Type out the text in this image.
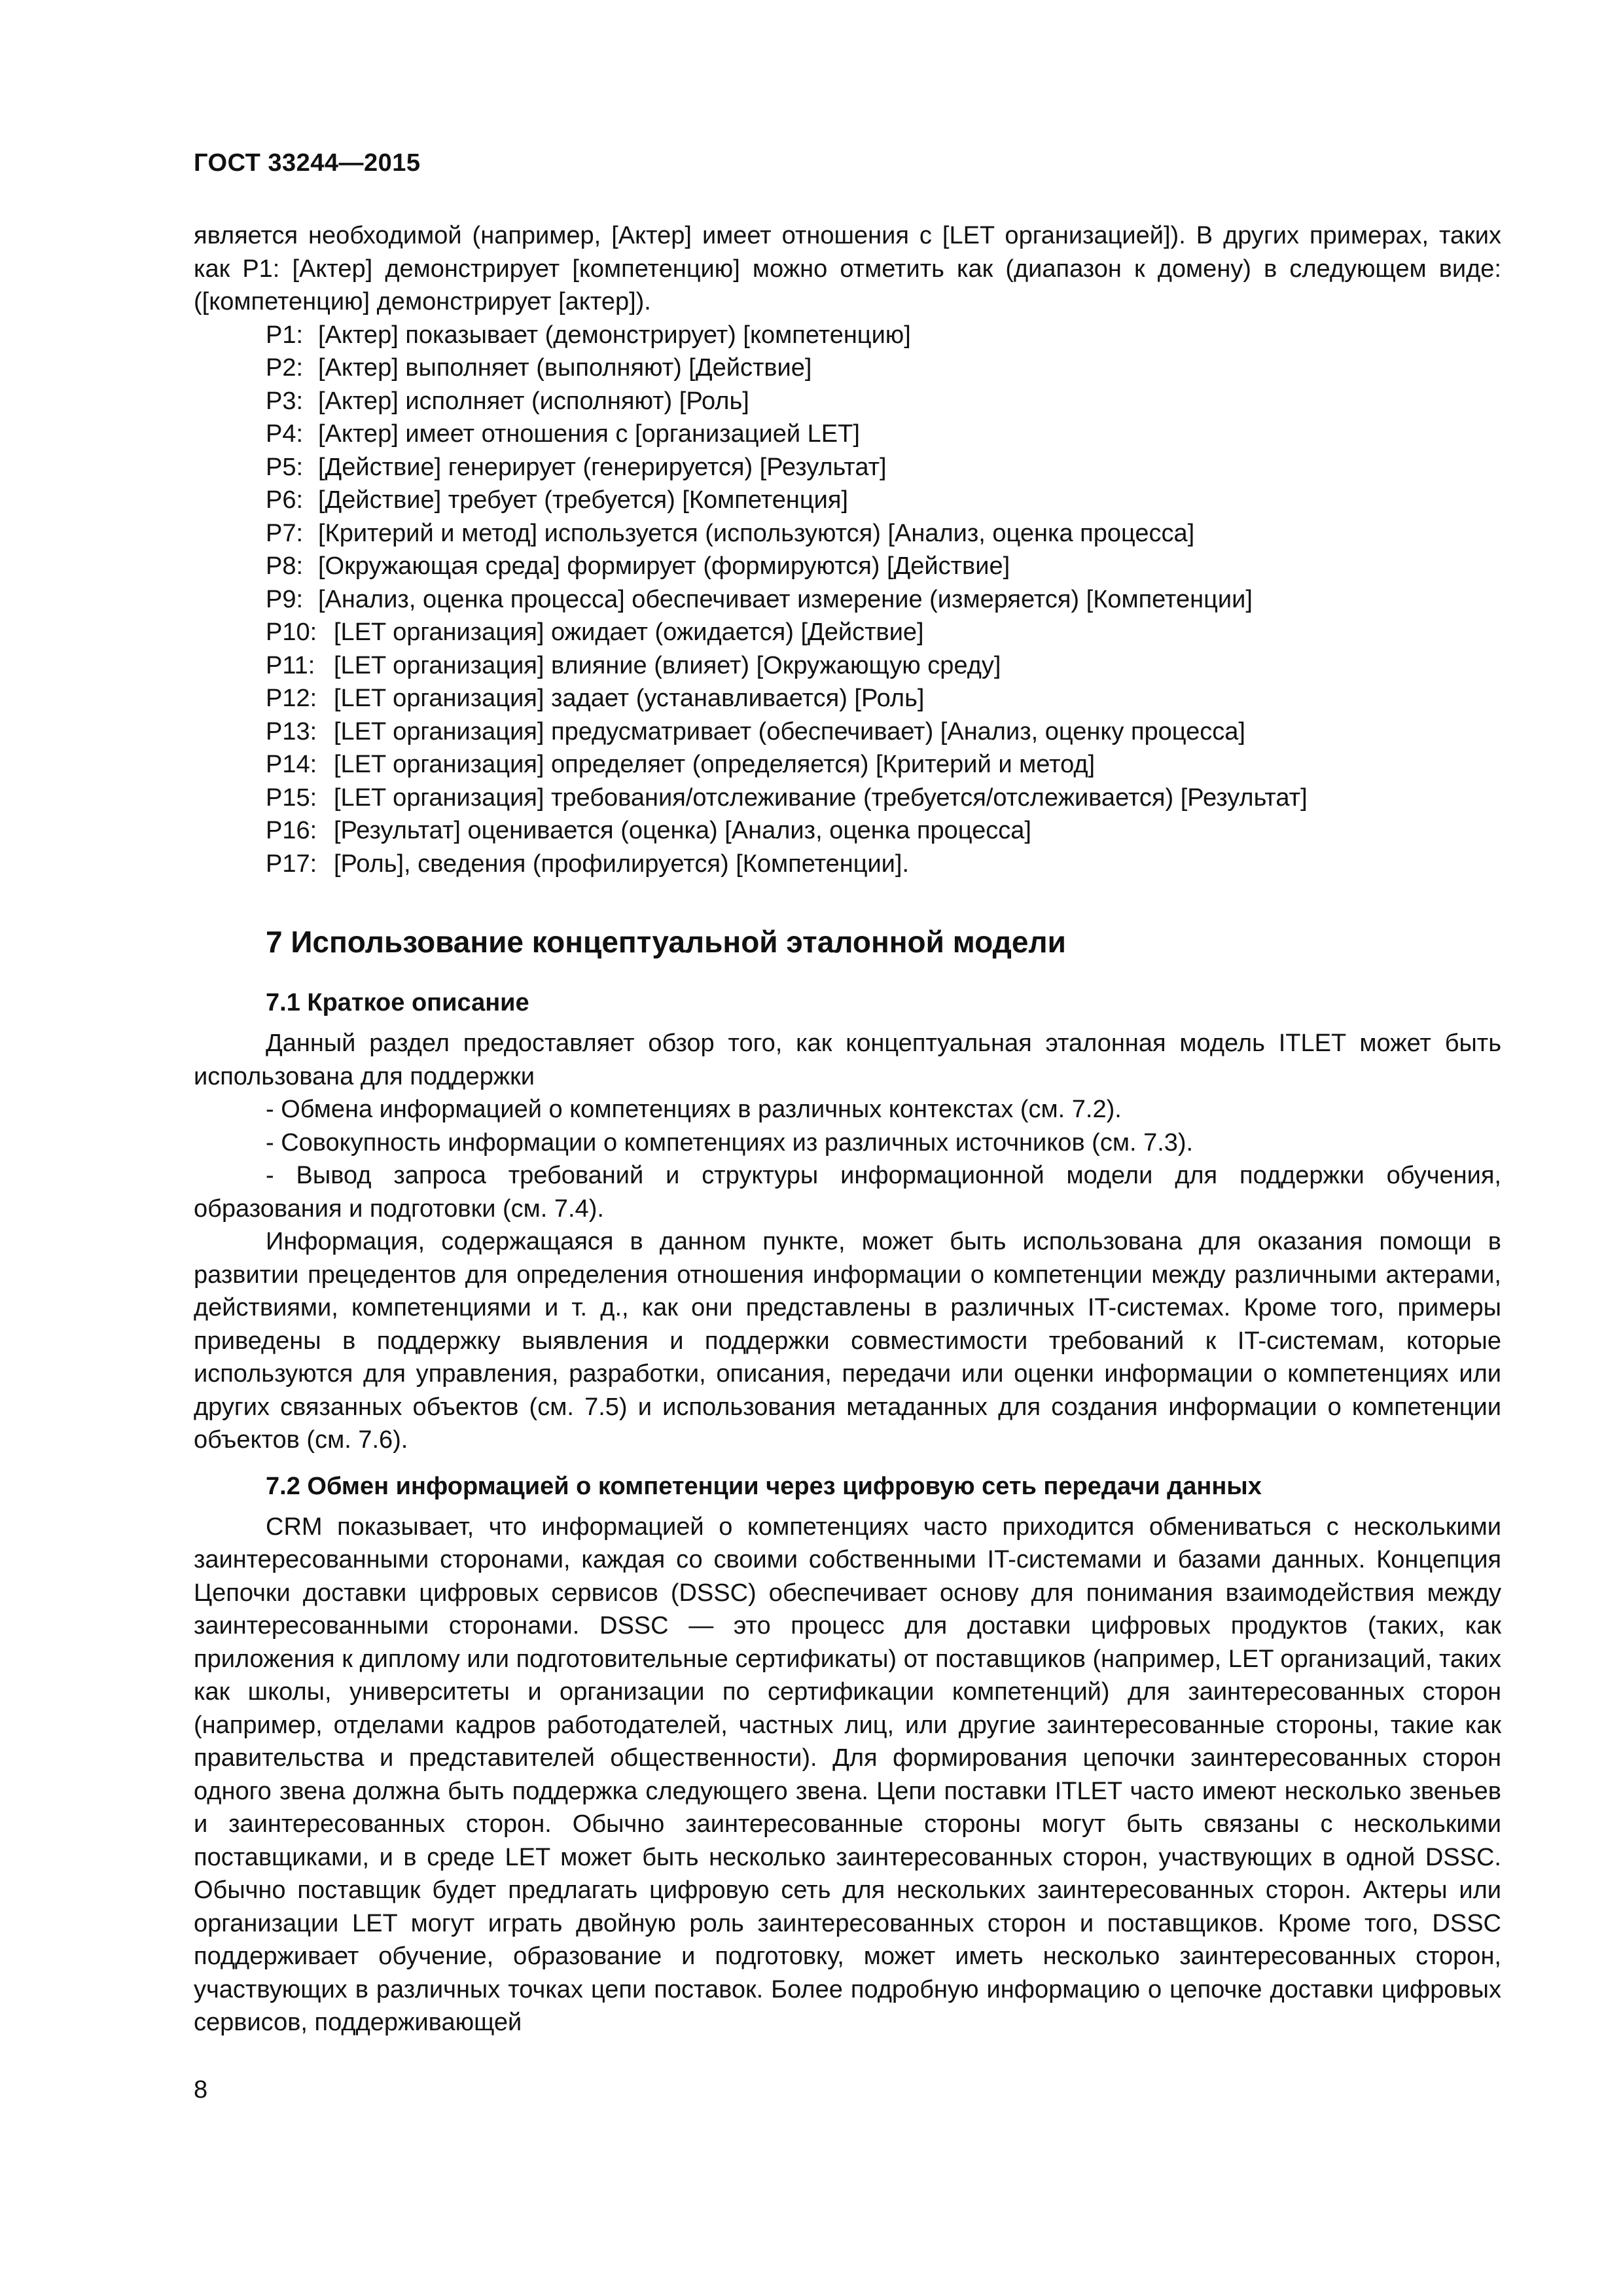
ГОСТ 33244—2015

является необходимой (например, [Актер] имеет отношения с [LET организацией]). В других примерах, таких как P1: [Актер] демонстрирует [компетенцию] можно отметить как (диапазон к домену) в следующем виде: ([компетенцию] демонстрирует [актер]).

P1: [Актер] показывает (демонстрирует) [компетенцию]
P2: [Актер] выполняет (выполняют) [Действие]
P3: [Актер] исполняет (исполняют) [Роль]
P4: [Актер] имеет отношения с [организацией LET]
P5: [Действие] генерирует (генерируется) [Результат]
P6: [Действие] требует (требуется) [Компетенция]
P7: [Критерий и метод] используется (используются) [Анализ, оценка процесса]
P8: [Окружающая среда] формирует (формируются) [Действие]
P9: [Анализ, оценка процесса] обеспечивает измерение (измеряется) [Компетенции]
P10: [LET организация] ожидает (ожидается) [Действие]
P11: [LET организация] влияние (влияет) [Окружающую среду]
P12: [LET организация] задает (устанавливается) [Роль]
P13: [LET организация] предусматривает (обеспечивает) [Анализ, оценку процесса]
P14: [LET организация] определяет (определяется) [Критерий и метод]
P15: [LET организация] требования/отслеживание (требуется/отслеживается) [Результат]
P16: [Результат] оценивается (оценка) [Анализ, оценка процесса]
P17: [Роль], сведения (профилируется) [Компетенции].
7 Использование концептуальной эталонной модели
7.1 Краткое описание

Данный раздел предоставляет обзор того, как концептуальная эталонная модель ITLET может быть использована для поддержки

- Обмена информацией о компетенциях в различных контекстах (см. 7.2).
- Совокупность информации о компетенциях из различных источников (см. 7.3).
- Вывод запроса требований и структуры информационной модели для поддержки обучения, образования и подготовки (см. 7.4).

Информация, содержащаяся в данном пункте, может быть использована для оказания помощи в развитии прецедентов для определения отношения информации о компетенции между различными актерами, действиями, компетенциями и т. д., как они представлены в различных IT-системах. Кроме того, примеры приведены в поддержку выявления и поддержки совместимости требований к IT-системам, которые используются для управления, разработки, описания, передачи или оценки информации о компетенциях или других связанных объектов (см. 7.5) и использования метаданных для создания информации о компетенции объектов (см. 7.6).

7.2 Обмен информацией о компетенции через цифровую сеть передачи данных

CRM показывает, что информацией о компетенциях часто приходится обмениваться с несколькими заинтересованными сторонами, каждая со своими собственными IT-системами и базами данных. Концепция Цепочки доставки цифровых сервисов (DSSC) обеспечивает основу для понимания взаимодействия между заинтересованными сторонами. DSSC — это процесс для доставки цифровых продуктов (таких, как приложения к диплому или подготовительные сертификаты) от поставщиков (например, LET организаций, таких как школы, университеты и организации по сертификации компетенций) для заинтересованных сторон (например, отделами кадров работодателей, частных лиц, или другие заинтересованные стороны, такие как правительства и представителей общественности). Для формирования цепочки заинтересованных сторон одного звена должна быть поддержка следующего звена. Цепи поставки ITLET часто имеют несколько звеньев и заинтересованных сторон. Обычно заинтересованные стороны могут быть связаны с несколькими поставщиками, и в среде LET может быть несколько заинтересованных сторон, участвующих в одной DSSC. Обычно поставщик будет предлагать цифровую сеть для нескольких заинтересованных сторон. Актеры или организации LET могут играть двойную роль заинтересованных сторон и поставщиков. Кроме того, DSSC поддерживает обучение, образование и подготовку, может иметь несколько заинтересованных сторон, участвующих в различных точках цепи поставок. Более подробную информацию о цепочке доставки цифровых сервисов, поддерживающей

8
